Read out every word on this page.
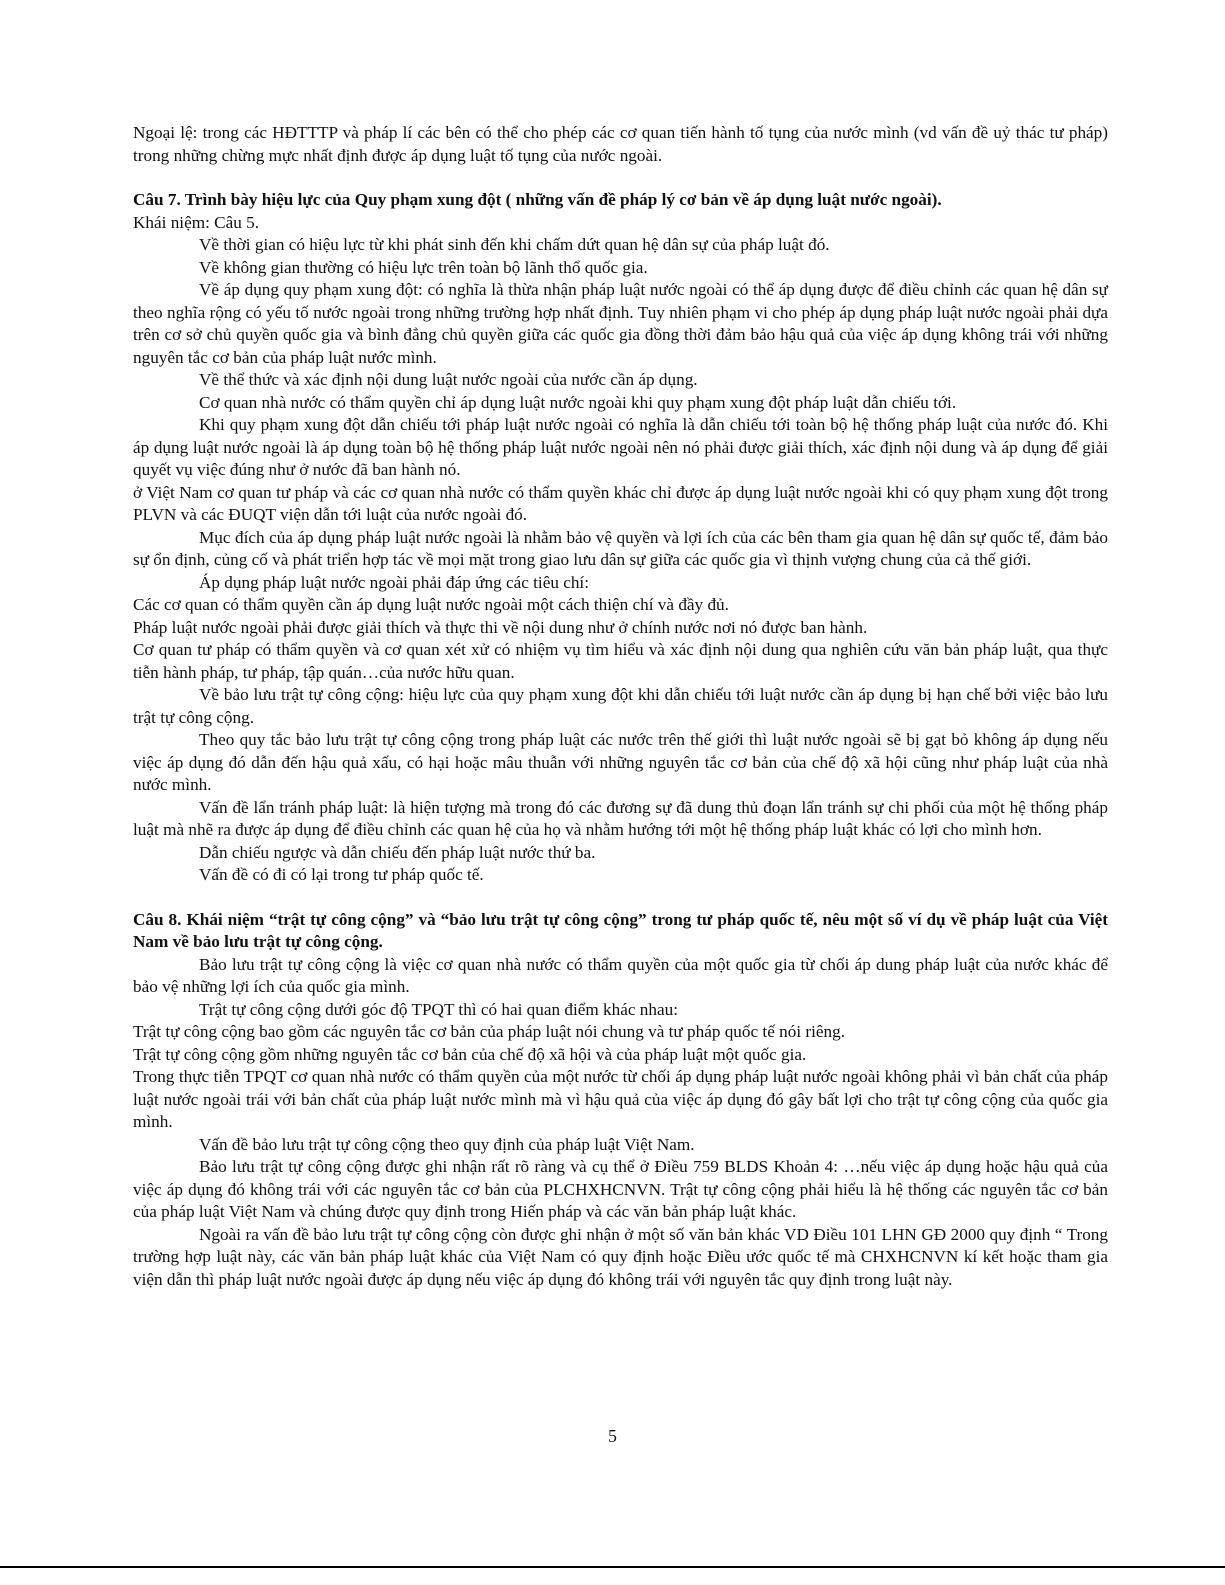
Ngoại lệ: trong các HĐTTTP và pháp lí các bên có thể cho phép các cơ quan tiến hành tố tụng của nước mình (vd vấn đề uỷ thác tư pháp) trong những chừng mực nhất định được áp dụng luật tố tụng của nước ngoài.

Câu 7. Trình bày hiệu lực của Quy phạm xung đột ( những vấn đề pháp lý cơ bản về áp dụng luật nước ngoài).

Khái niệm: Câu 5.

Về thời gian có hiệu lực từ khi phát sinh đến khi chấm dứt quan hệ dân sự của pháp luật đó.

Về không gian thường có hiệu lực trên toàn bộ lãnh thổ quốc gia.

Về áp dụng quy phạm xung đột: có nghĩa là thừa nhận pháp luật nước ngoài có thể áp dụng được để điều chỉnh các quan hệ dân sự theo nghĩa rộng có yếu tố nước ngoài trong những trường hợp nhất định. Tuy nhiên phạm vi cho phép áp dụng pháp luật nước ngoài phải dựa trên cơ sở chủ quyền quốc gia và bình đẳng chủ quyền giữa các quốc gia đồng thời đảm bảo hậu quả của việc áp dụng không trái với những nguyên tắc cơ bản của pháp luật nước mình.

Về thể thức và xác định nội dung luật nước ngoài của nước cần áp dụng.

Cơ quan nhà nước có thẩm quyền chỉ áp dụng luật nước ngoài khi quy phạm xung đột pháp luật dẫn chiếu tới.

Khi quy phạm xung đột dẫn chiếu tới pháp luật nước ngoài có nghĩa là dẫn chiếu tới toàn bộ hệ thống pháp luật của nước đó. Khi áp dụng luật nước ngoài là áp dụng toàn bộ hệ thống pháp luật nước ngoài nên nó phải được giải thích, xác định nội dung và áp dụng để giải quyết vụ việc đúng như ở nước đã ban hành nó.

ở Việt Nam cơ quan tư pháp và các cơ quan nhà nước có thẩm quyền khác chỉ được áp dụng luật nước ngoài khi có quy phạm xung đột trong PLVN và các ĐUQT viện dẫn tới luật của nước ngoài đó.

Mục đích của áp dụng pháp luật nước ngoài là nhằm bảo vệ quyền và lợi ích của các bên tham gia quan hệ dân sự quốc tế, đảm bảo sự ổn định, củng cố và phát triển hợp tác về mọi mặt trong giao lưu dân sự giữa các quốc gia vì thịnh vượng chung của cả thế giới.

Áp dụng pháp luật nước ngoài phải đáp ứng các tiêu chí:

Các cơ quan có thẩm quyền cần áp dụng luật nước ngoài một cách thiện chí và đầy đủ.

Pháp luật nước ngoài phải được giải thích và thực thi về nội dung như ở chính nước nơi nó được ban hành.

Cơ quan tư pháp có thẩm quyền và cơ quan xét xử có nhiệm vụ tìm hiểu và xác định nội dung qua nghiên cứu văn bản pháp luật, qua thực tiễn hành pháp, tư pháp, tập quán…của nước hữu quan.

Về bảo lưu trật tự công cộng: hiệu lực của quy phạm xung đột khi dẫn chiếu tới luật nước cần áp dụng bị hạn chế bởi việc bảo lưu trật tự công cộng.

Theo quy tắc bảo lưu trật tự công cộng trong pháp luật các nước trên thế giới thì luật nước ngoài sẽ bị gạt bỏ không áp dụng nếu việc áp dụng đó dẫn đến hậu quả xấu, có hại hoặc mâu thuẫn với những nguyên tắc cơ bản của chế độ xã hội cũng như pháp luật của nhà nước mình.

Vấn đề lẩn tránh pháp luật: là hiện tượng mà trong đó các đương sự đã dung thủ đoạn lẩn tránh sự chi phối của một hệ thống pháp luật mà nhẽ ra được áp dụng để điều chỉnh các quan hệ của họ và nhằm hướng tới một hệ thống pháp luật khác có lợi cho mình hơn.

Dẫn chiếu ngược và dẫn chiếu đến pháp luật nước thứ ba.

Vấn đề có đi có lại trong tư pháp quốc tế.

Câu 8. Khái niệm “trật tự công cộng” và “bảo lưu trật tự công cộng” trong tư pháp quốc tế, nêu một số ví dụ về pháp luật của Việt Nam về bảo lưu trật tự công cộng.

Bảo lưu trật tự công cộng là việc cơ quan nhà nước có thẩm quyền của một quốc gia từ chối áp dung pháp luật của nước khác để bảo vệ những lợi ích của quốc gia mình.

Trật tự công cộng dưới góc độ TPQT thì có hai quan điểm khác nhau:

Trật tự công cộng bao gồm các nguyên tắc cơ bản của pháp luật nói chung và tư pháp quốc tế nói riêng.

Trật tự công cộng gồm những nguyên tắc cơ bản của chế độ xã hội và của pháp luật một quốc gia.

Trong thực tiễn TPQT cơ quan nhà nước có thẩm quyền của một nước từ chối áp dụng pháp luật nước ngoài không phải vì bản chất của pháp luật nước ngoài trái với bản chất của pháp luật nước mình mà vì hậu quả của việc áp dụng đó gây bất lợi cho trật tự công cộng của quốc gia mình.

Vấn đề bảo lưu trật tự công cộng theo quy định của pháp luật Việt Nam.

Bảo lưu trật tự công cộng được ghi nhận rất rõ ràng và cụ thể ở Điều 759 BLDS Khoản 4: …nếu việc áp dụng hoặc hậu quả của việc áp dụng đó không trái với các nguyên tắc cơ bản của PLCHXHCNVN. Trật tự công cộng phải hiểu là hệ thống các nguyên tắc cơ bản của pháp luật Việt Nam và chúng được quy định trong Hiến pháp và các văn bản pháp luật khác.

Ngoài ra vấn đề bảo lưu trật tự công cộng còn được ghi nhận ở một số văn bản khác VD Điều 101 LHN GĐ 2000 quy định “ Trong trường hợp luật này, các văn bản pháp luật khác của Việt Nam có quy định hoặc Điều ước quốc tế mà CHXHCNVN kí kết hoặc tham gia viện dẫn thì pháp luật nước ngoài được áp dụng nếu việc áp dụng đó không trái với nguyên tắc quy định trong luật này.

5
